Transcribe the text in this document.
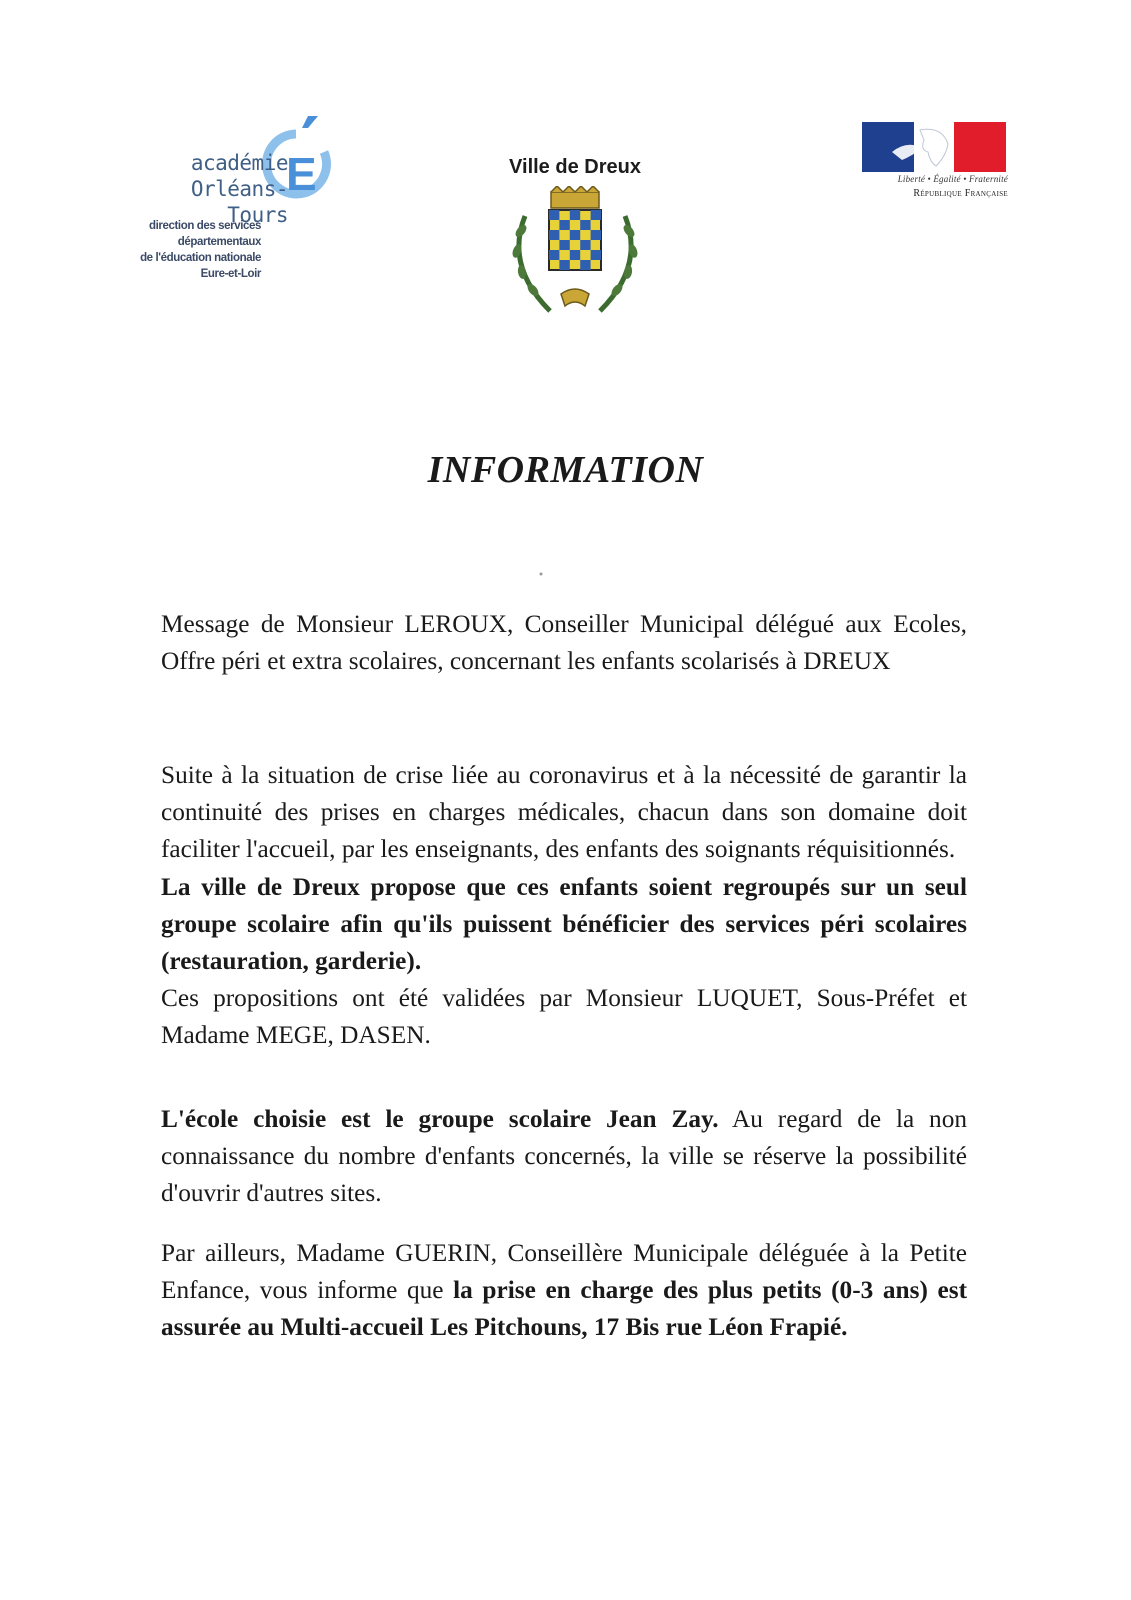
E
académie
Orléans-Tours
direction des services
départementaux
de l'éducation nationale
Eure-et-Loir
Ville de Dreux
Liberté • Égalité • Fraternité
République Française
INFORMATION

Message de Monsieur LEROUX, Conseiller Municipal délégué aux Ecoles, Offre péri et extra scolaires, concernant les enfants scolarisés à DREUX

Suite à la situation de crise liée au coronavirus et à la nécessité de garantir la continuité des prises en charges médicales, chacun dans son domaine doit faciliter l'accueil, par les enseignants, des enfants des soignants réquisitionnés.
La ville de Dreux propose que ces enfants soient regroupés sur un seul groupe scolaire afin qu'ils puissent bénéficier des services péri scolaires (restauration, garderie).
Ces propositions ont été validées par Monsieur LUQUET, Sous-Préfet et Madame MEGE, DASEN.

L'école choisie est le groupe scolaire Jean Zay. Au regard de la non connaissance du nombre d'enfants concernés, la ville se réserve la possibilité d'ouvrir d'autres sites.

Par ailleurs, Madame GUERIN, Conseillère Municipale déléguée à la Petite Enfance, vous informe que la prise en charge des plus petits (0-3 ans) est assurée au Multi-accueil Les Pitchouns, 17 Bis rue Léon Frapié.
